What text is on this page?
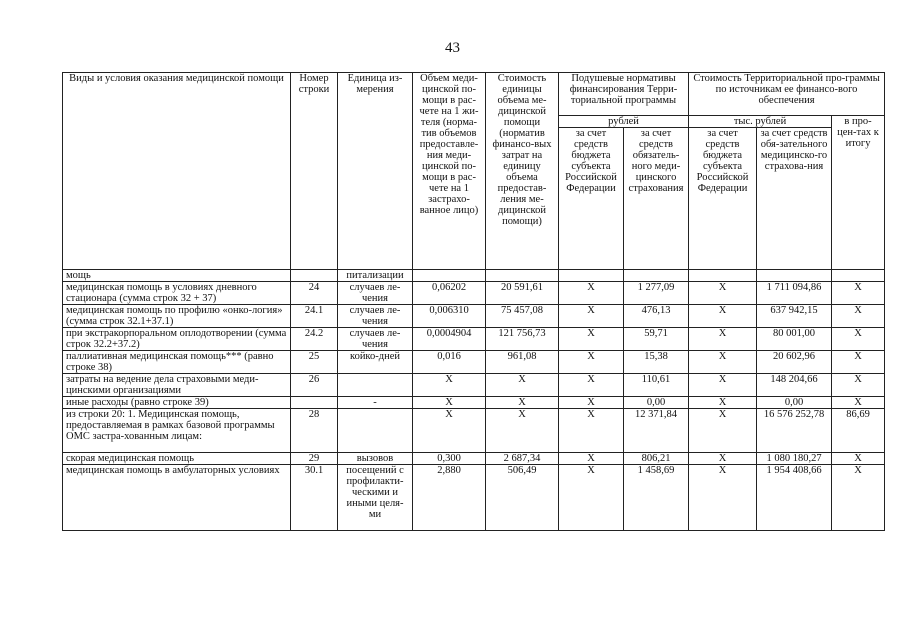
43
Виды и условия оказания медицинской помощи	Номер строки	Единица из-мерения	Объем меди-цинской по-мощи в рас-чете на 1 жи-теля (норма-тив объемов предоставле-ния меди-цинской по-мощи в рас-чете на 1 застрахо-ванное лицо)	Стоимость единицы объема ме-дицинской помощи (норматив финансо-вых затрат на единицу объема предостав-ления ме-дицинской помощи)	Подушевые нормативы финансирования Терри-ториальной программы		Стоимость Территориальной про-граммы по источникам ее финансо-вого обеспечения		
					рублей		тыс. рублей		в про-цен-тах к итогу
					за счет средств бюджета субъекта Российской Федерации	за счет средств обязатель-ного меди-цинского страхования	за счет средств бюджета субъекта Российской Федерации	за счет средств обя-зательного медицинско-го страхова-ния	
мощь		питализации							
медицинская помощь в условиях дневного стационара (сумма строк 32 + 37)	24	случаев ле-чения	0,06202	20 591,61	X	1 277,09	X	1 711 094,86	X
медицинская помощь по профилю «онко-логия» (сумма строк 32.1+37.1)	24.1	случаев ле-чения	0,006310	75 457,08	X	476,13	X	637 942,15	X
при экстракорпоральном оплодотворении (сумма строк 32.2+37.2)	24.2	случаев ле-чения	0,0004904	121 756,73	X	59,71	X	80 001,00	X
паллиативная медицинская помощь*** (равно строке 38)	25	койко-дней	0,016	961,08	X	15,38	X	20 602,96	X
затраты на ведение дела страховыми меди-цинскими организациями	26		X	X	X	110,61	X	148 204,66	X
иные расходы (равно строке 39)		-	X	X	X	0,00	X	0,00	X
из строки 20: 1. Медицинская помощь, предоставляемая в рамках базовой программы ОМС застра-хованным лицам:	28		X	X	X	12 371,84	X	16 576 252,78	86,69
скорая медицинская помощь	29	вызовов	0,300	2 687,34	X	806,21	X	1 080 180,27	X
медицинская помощь в амбулаторных условиях	30.1	посещений с профилакти-ческими и иными целя-ми	2,880	506,49	X	1 458,69	X	1 954 408,66	X
